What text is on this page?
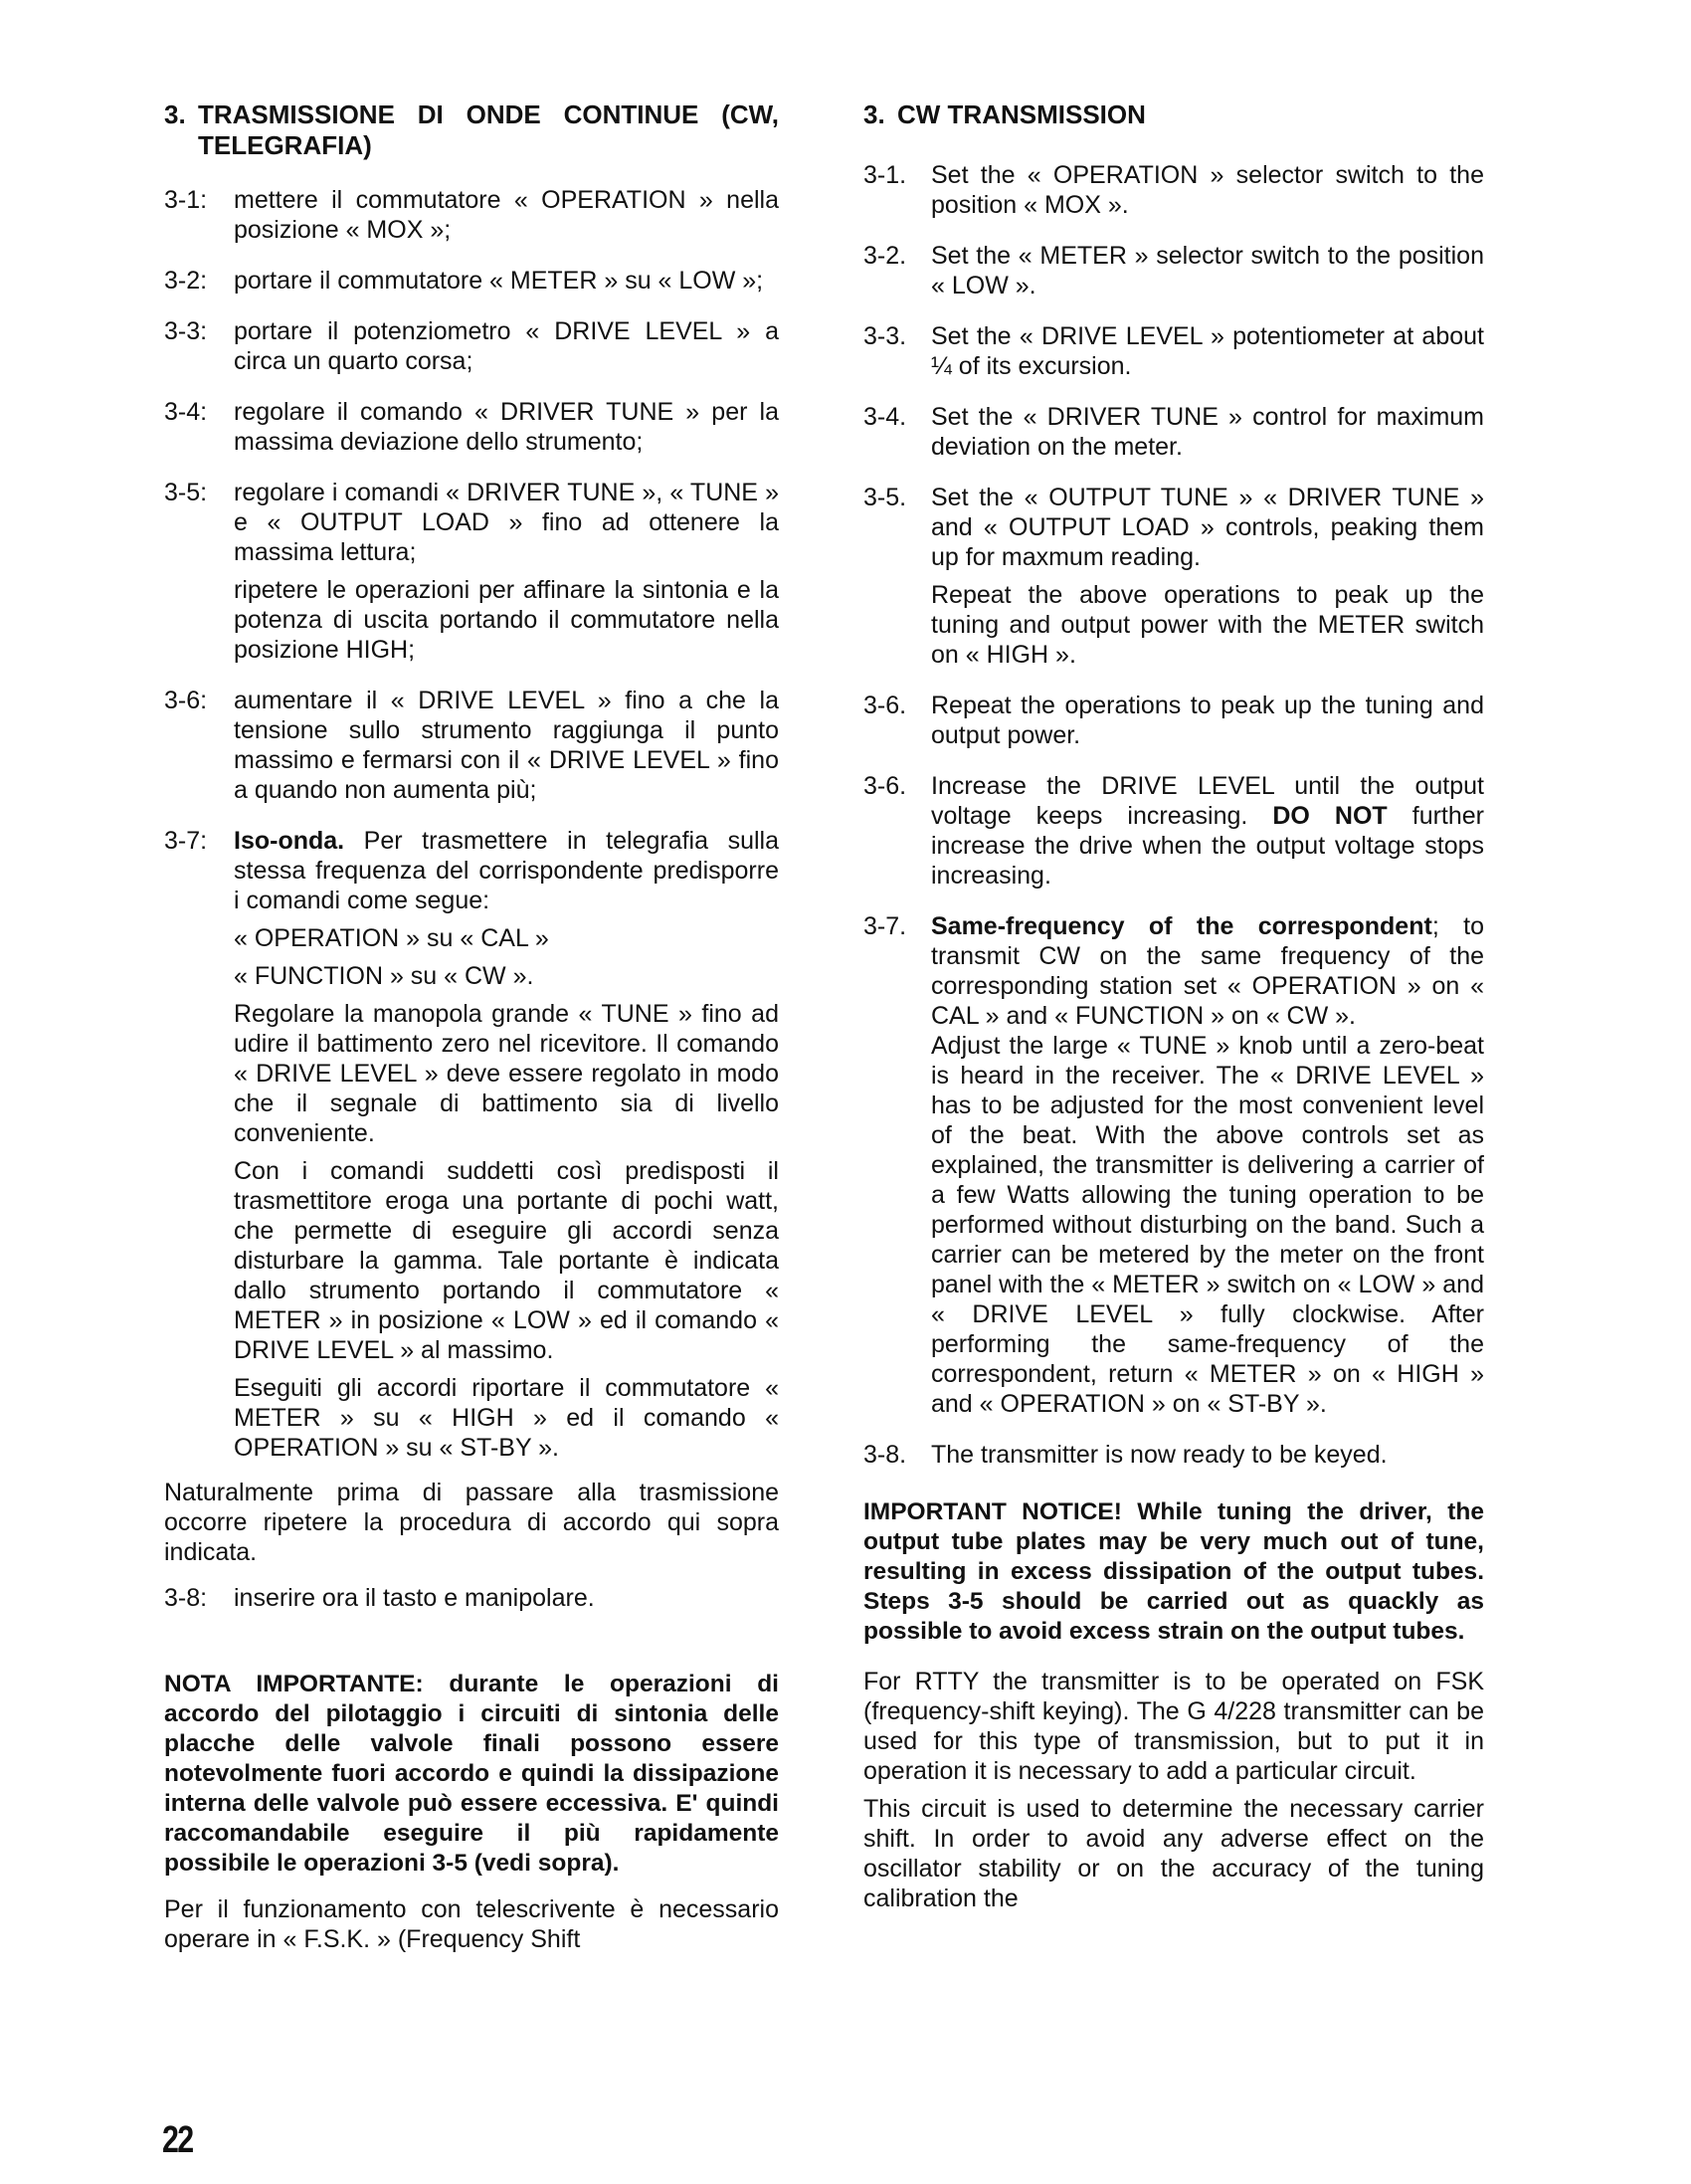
3. TRASMISSIONE DI ONDE CONTINUE (CW, TELEGRAFIA)
3-1:	mettere il commutatore « OPERATION » nella posizione « MOX »;

3-2:	portare il commutatore « METER » su « LOW »;

3-3:	portare il potenziometro « DRIVE LEVEL » a circa un quarto corsa;

3-4:	regolare il comando « DRIVER TUNE » per la massima deviazione dello strumento;

3-5:	regolare i comandi « DRIVER TUNE », « TUNE » e « OUTPUT LOAD » fino ad ottenere la massima lettura;

ripetere le operazioni per affinare la sintonia e la potenza di uscita portando il commutatore nella posizione HIGH;

3-6:	aumentare il « DRIVE LEVEL » fino a che la tensione sullo strumento raggiunga il punto massimo e fermarsi con il « DRIVE LEVEL » fino a quando non aumenta più;

3-7:	Iso-onda. Per trasmettere in telegrafia sulla stessa frequenza del corrispondente predisporre i comandi come segue:

« OPERATION » su « CAL »

« FUNCTION » su « CW ».

Regolare la manopola grande « TUNE » fino ad udire il battimento zero nel ricevitore. Il comando « DRIVE LEVEL » deve essere regolato in modo che il segnale di battimento sia di livello conveniente.

Con i comandi suddetti così predisposti il trasmettitore eroga una portante di pochi watt, che permette di eseguire gli accordi senza disturbare la gamma. Tale portante è indicata dallo strumento portando il commutatore « METER » in posizione « LOW » ed il comando « DRIVE LEVEL » al massimo.

Eseguiti gli accordi riportare il commutatore « METER » su « HIGH » ed il comando « OPERATION » su « ST-BY ».

Naturalmente prima di passare alla trasmissione occorre ripetere la procedura di accordo qui sopra indicata.

3-8:	inserire ora il tasto e manipolare.

NOTA IMPORTANTE: durante le operazioni di accordo del pilotaggio i circuiti di sintonia delle placche delle valvole finali possono essere notevolmente fuori accordo e quindi la dissipazione interna delle valvole può essere eccessiva. E' quindi raccomandabile eseguire il più rapidamente possibile le operazioni 3-5 (vedi sopra).

Per il funzionamento con telescrivente è necessario operare in « F.S.K. » (Frequency Shift

3. CW TRANSMISSION
3-1. Set the « OPERATION » selector switch to the position « MOX ».

3-2. Set the « METER » selector switch to the position « LOW ».

3-3. Set the « DRIVE LEVEL » potentiometer at about ¼ of its excursion.

3-4. Set the « DRIVER TUNE » control for maximum deviation on the meter.

3-5. Set the « OUTPUT TUNE » « DRIVER TUNE » and « OUTPUT LOAD » controls, peaking them up for maxmum reading.

Repeat the above operations to peak up the tuning and output power with the METER switch on « HIGH ».

3-6. Repeat the operations to peak up the tuning and output power.

3-6. Increase the DRIVE LEVEL until the output voltage keeps increasing. DO NOT further increase the drive when the output voltage stops increasing.

3-7. Same-frequency of the correspondent; to transmit CW on the same frequency of the corresponding station set « OPERATION » on « CAL » and « FUNCTION » on « CW ».

Adjust the large « TUNE » knob until a zero-beat is heard in the receiver. The « DRIVE LEVEL » has to be adjusted for the most convenient level of the beat. With the above controls set as explained, the transmitter is delivering a carrier of a few Watts allowing the tuning operation to be performed without disturbing on the band. Such a carrier can be metered by the meter on the front panel with the « METER » switch on « LOW » and « DRIVE LEVEL » fully clockwise. After performing the same-frequency of the correspondent, return « METER » on « HIGH » and « OPERATION » on « ST-BY ».

3-8. The transmitter is now ready to be keyed.

IMPORTANT NOTICE! While tuning the driver, the output tube plates may be very much out of tune, resulting in excess dissipation of the output tubes. Steps 3-5 should be carried out as quackly as possible to avoid excess strain on the output tubes.

For RTTY the transmitter is to be operated on FSK (frequency-shift keying). The G 4/228 transmitter can be used for this type of transmission, but to put it in operation it is necessary to add a particular circuit.

This circuit is used to determine the necessary carrier shift. In order to avoid any adverse effect on the oscillator stability or on the accuracy of the tuning calibration the

22
